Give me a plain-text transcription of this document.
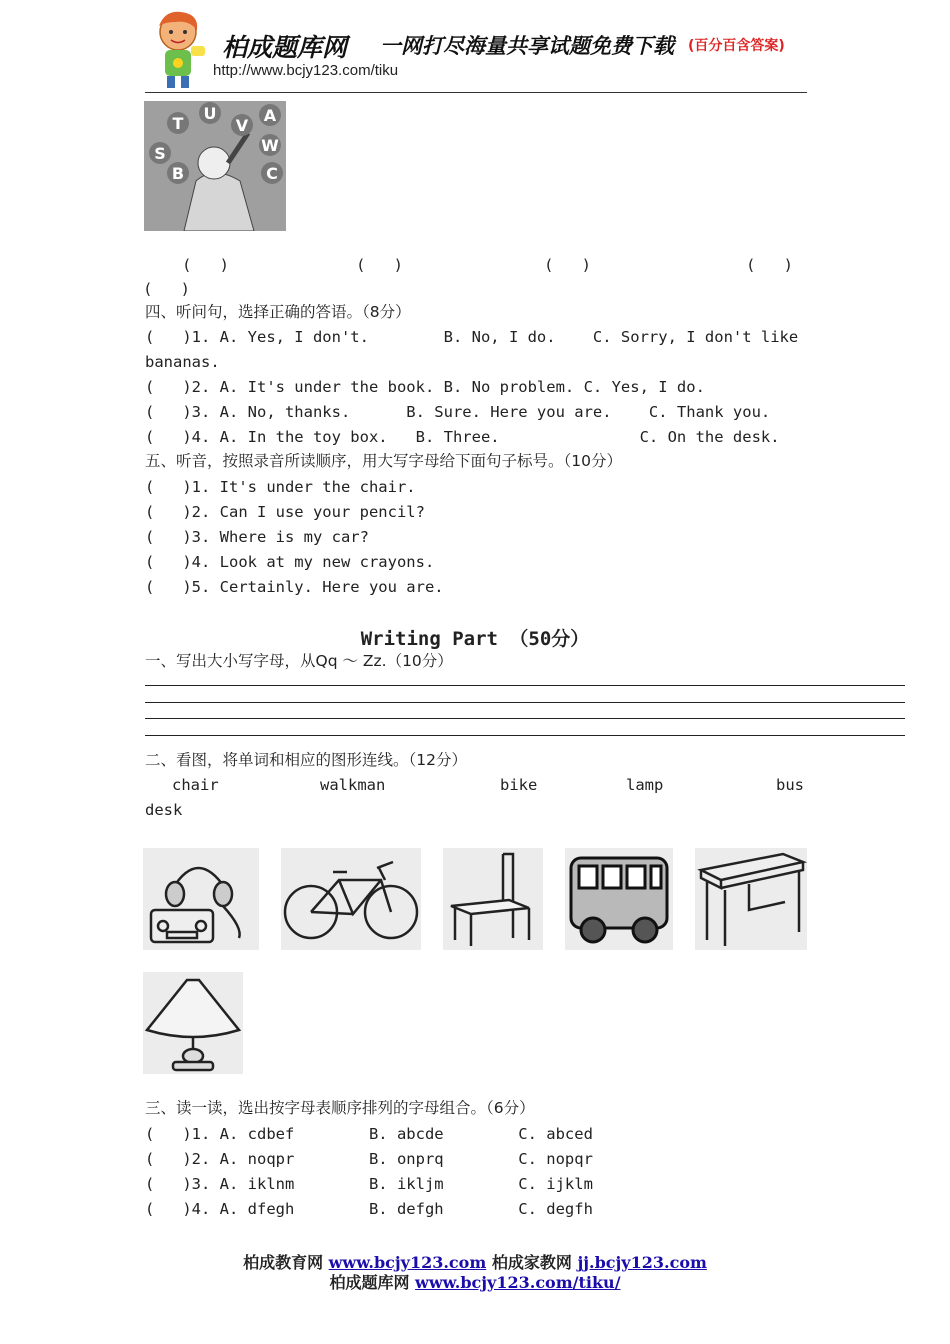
柏成题库网 一网打尽海量共享试题免费下载 (百分百含答案)
http://www.bcjy123.com/tiku
T
U
V
A
S	W
B	C
(　　)	(　　)	(　　)	(　　)
(　　)
四、听问句，选择正确的答语。（8分）
(   )1. A. Yes, I don't.        B. No, I do.    C. Sorry, I don't like
bananas.
(   )2. A. It's under the book. B. No problem. C. Yes, I do.
(   )3. A. No, thanks.      B. Sure. Here you are.    C. Thank you.
(   )4. A. In the toy box.   B. Three.               C. On the desk.
五、听音，按照录音所读顺序，用大写字母给下面句子标号。（10分）
(   )1. It's under the chair.
(   )2. Can I use your pencil?
(   )3. Where is my car?
(   )4. Look at my new crayons.
(   )5. Certainly. Here you are.
Writing Part （50分）
一、写出大小写字母，从Qq ～ Zz.（10分）
二、看图，将单词和相应的图形连线。（12分）
chair	walkman	bike	lamp	bus
desk
三、读一读，选出按字母表顺序排列的字母组合。（6分）
(   )1. A. cdbef        B. abcde        C. abced
(   )2. A. noqpr        B. onprq        C. nopqr
(   )3. A. iklnm        B. ikljm        C. ijklm
(   )4. A. dfegh        B. defgh        C. degfh
柏成教育网 www.bcjy123.com 柏成家教网 jj.bcjy123.com
柏成题库网 www.bcjy123.com/tiku/
